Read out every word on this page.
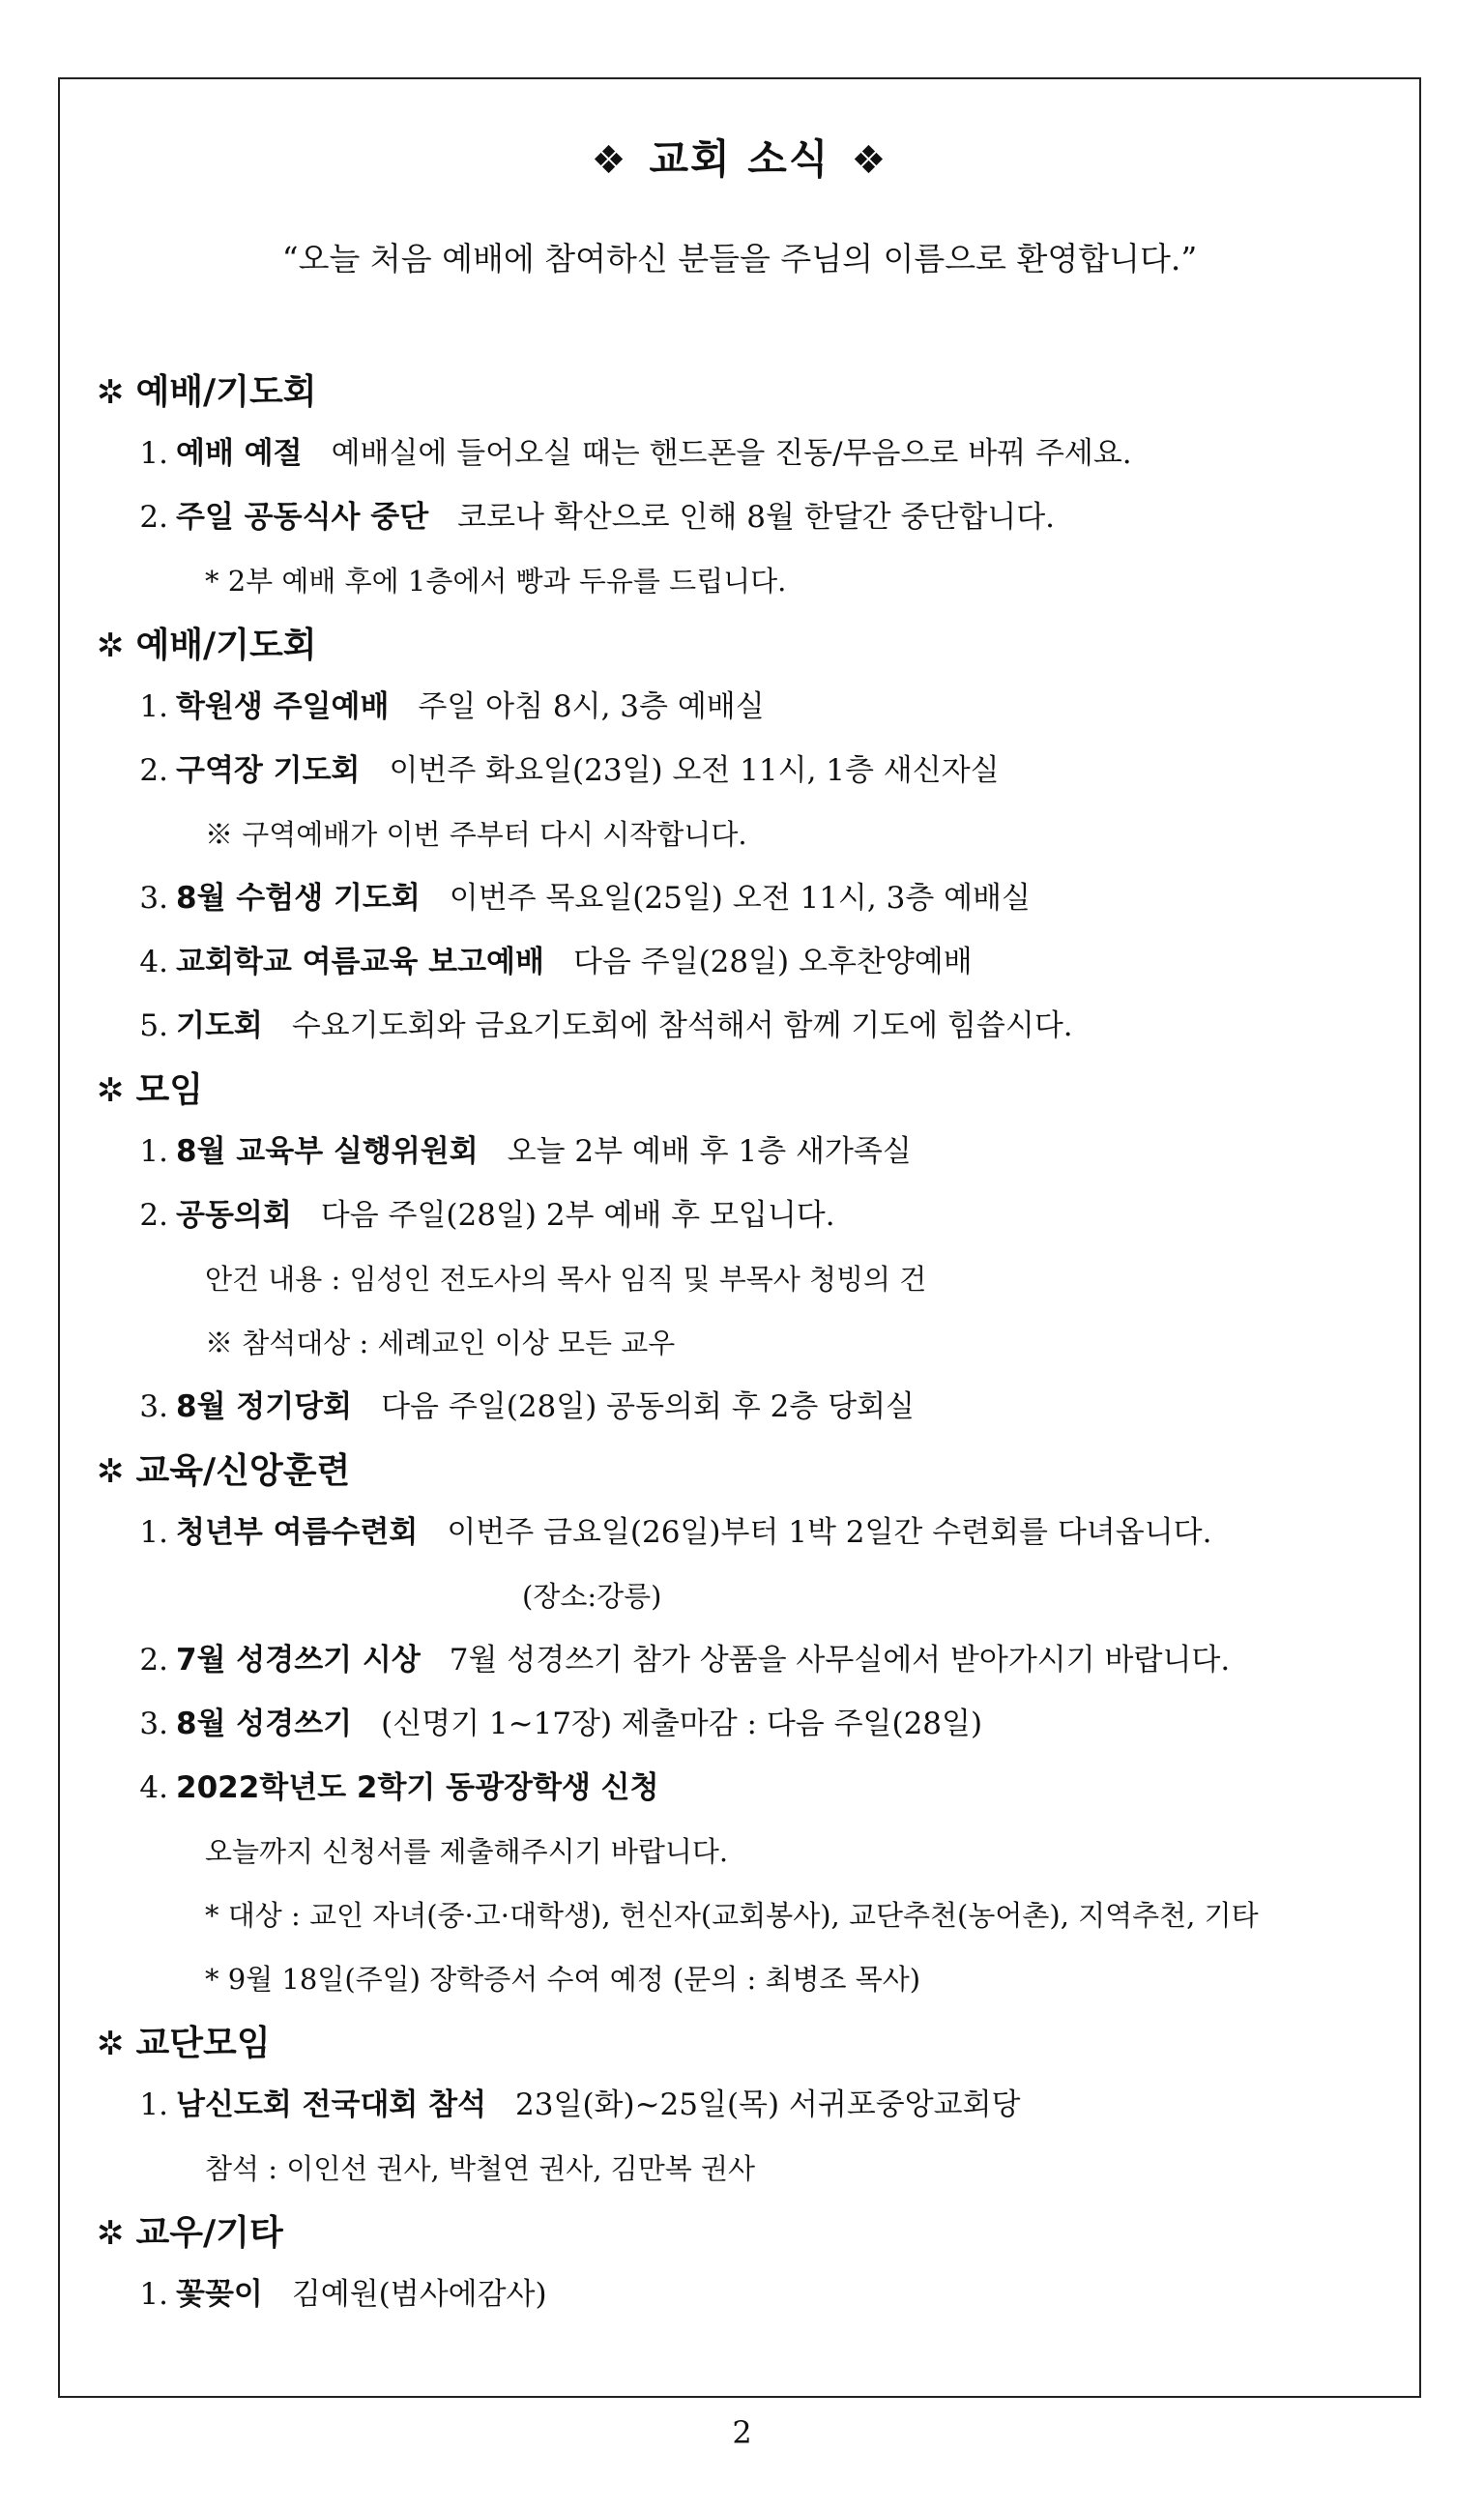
❖ 교회 소식 ❖
“오늘 처음 예배에 참여하신 분들을 주님의 이름으로 환영합니다.”
✲ 예배/기도회
1. 예배 예절 예배실에 들어오실 때는 핸드폰을 진동/무음으로 바꿔 주세요.
2. 주일 공동식사 중단 코로나 확산으로 인해 8월 한달간 중단합니다.
* 2부 예배 후에 1층에서 빵과 두유를 드립니다.
✲ 예배/기도회
1. 학원생 주일예배 주일 아침 8시, 3층 예배실
2. 구역장 기도회 이번주 화요일(23일) 오전 11시, 1층 새신자실
※ 구역예배가 이번 주부터 다시 시작합니다.
3. 8월 수험생 기도회 이번주 목요일(25일) 오전 11시, 3층 예배실
4. 교회학교 여름교육 보고예배 다음 주일(28일) 오후찬양예배
5. 기도회 수요기도회와 금요기도회에 참석해서 함께 기도에 힘씁시다.
✲ 모임
1. 8월 교육부 실행위원회 오늘 2부 예배 후 1층 새가족실
2. 공동의회 다음 주일(28일) 2부 예배 후 모입니다.
안건 내용 : 임성인 전도사의 목사 임직 및 부목사 청빙의 건
※ 참석대상 : 세례교인 이상 모든 교우
3. 8월 정기당회 다음 주일(28일) 공동의회 후 2층 당회실
✲ 교육/신앙훈련
1. 청년부 여름수련회 이번주 금요일(26일)부터 1박 2일간 수련회를 다녀옵니다.
(장소:강릉)
2. 7월 성경쓰기 시상 7월 성경쓰기 참가 상품을 사무실에서 받아가시기 바랍니다.
3. 8월 성경쓰기 (신명기 1~17장) 제출마감 : 다음 주일(28일)
4. 2022학년도 2학기 동광장학생 신청
오늘까지 신청서를 제출해주시기 바랍니다.
* 대상 : 교인 자녀(중·고·대학생), 헌신자(교회봉사), 교단추천(농어촌), 지역추천, 기타
* 9월 18일(주일) 장학증서 수여 예정 (문의 : 최병조 목사)
✲ 교단모임
1. 남신도회 전국대회 참석 23일(화)~25일(목) 서귀포중앙교회당
참석 : 이인선 권사, 박철연 권사, 김만복 권사
✲ 교우/기타
1. 꽃꽂이 김예원(범사에감사)
2
